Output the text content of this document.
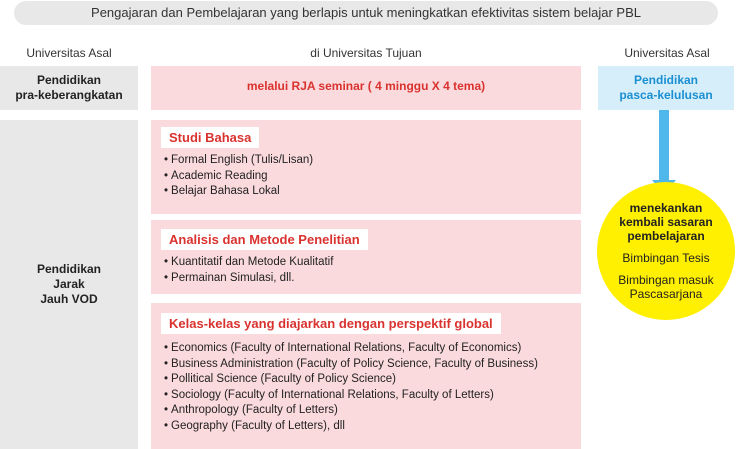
Pengajaran dan Pembelajaran yang berlapis untuk meningkatkan efektivitas sistem belajar PBL
Universitas Asal	di Universitas Tujuan	Universitas Asal
Pendidikan
pra-keberangkatan
Pendidikan
Jarak
Jauh VOD
melalui RJA seminar ( 4 minggu X 4 tema)
Studi Bahasa
• Formal English (Tulis/Lisan)
• Academic Reading
• Belajar Bahasa Lokal
Analisis dan Metode Penelitian
• Kuantitatif dan Metode Kualitatif
• Permainan Simulasi, dll.
Kelas-kelas yang diajarkan dengan perspektif global
• Economics (Faculty of International Relations, Faculty of Economics)
• Business Administration (Faculty of Policy Science, Faculty of Business)
• Pollitical Science (Faculty of Policy Science)
• Sociology (Faculty of International Relations, Faculty of Letters)
• Anthropology (Faculty of Letters)
• Geography (Faculty of Letters), dll
Pendidikan
pasca-kelulusan
menekankan
kembali sasaran
pembelajaran
Bimbingan Tesis
Bimbingan masuk
Pascasarjana
